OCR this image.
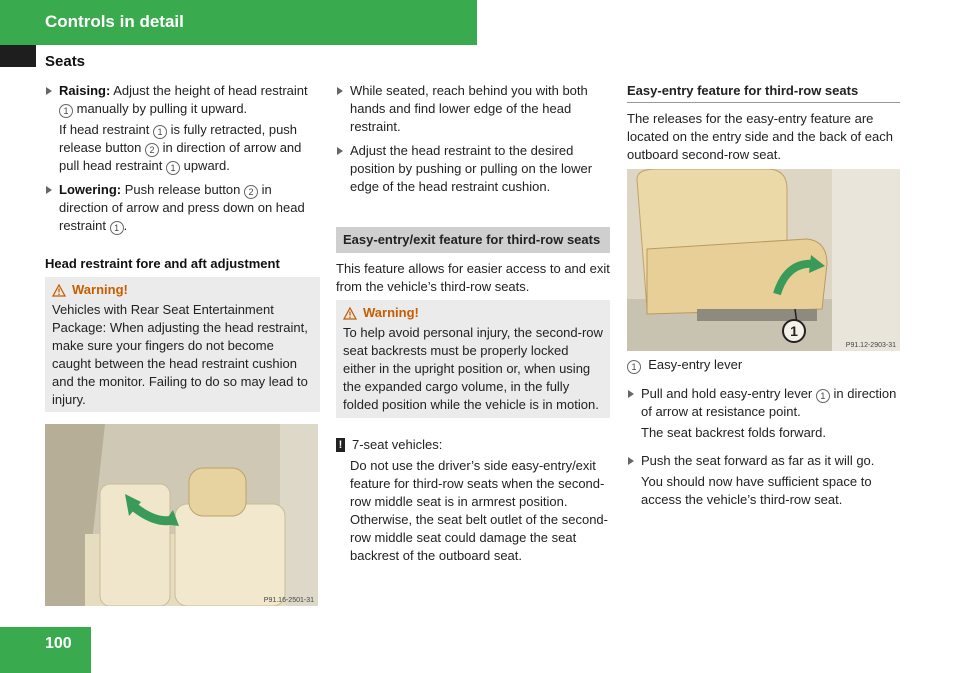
Controls in detail
Seats

Raising: Adjust the height of head restraint 1 manually by pulling it upward.

If head restraint 1 is fully retracted, push release button 2 in direction of arrow and pull head restraint 1 upward.

Lowering: Push release button 2 in direction of arrow and press down on head restraint 1 .

Head restraint fore and aft adjustment

Warning!

Vehicles with Rear Seat Entertainment Package: When adjusting the head restraint, make sure your fingers do not become caught between the head restraint cushion and the monitor. Failing to do so may lead to injury.

P91.16-2501-31

While seated, reach behind you with both hands and find lower edge of the head restraint.

Adjust the head restraint to the desired position by pushing or pulling on the lower edge of the head restraint cushion.

Easy-entry/exit feature for third-row seats

This feature allows for easier access to and exit from the vehicle’s third-row seats.

Warning!

To help avoid personal injury, the second-row seat backrests must be properly locked either in the upright position or, when using the expanded cargo volume, in the fully folded position while the vehicle is in motion.

! 7-seat vehicles:

Do not use the driver’s side easy-entry/exit feature for third-row seats when the second-row middle seat is in armrest position. Otherwise, the seat belt outlet of the second-row middle seat could damage the seat backrest of the outboard seat.

Easy-entry feature for third-row seats

The releases for the easy-entry feature are located on the entry side and the back of each outboard second-row seat.

1
P91.12-2903-31

1 Easy-entry lever

Pull and hold easy-entry lever 1 in direction of arrow at resistance point.

The seat backrest folds forward.

Push the seat forward as far as it will go.

You should now have sufficient space to access the vehicle’s third-row seat.

100
